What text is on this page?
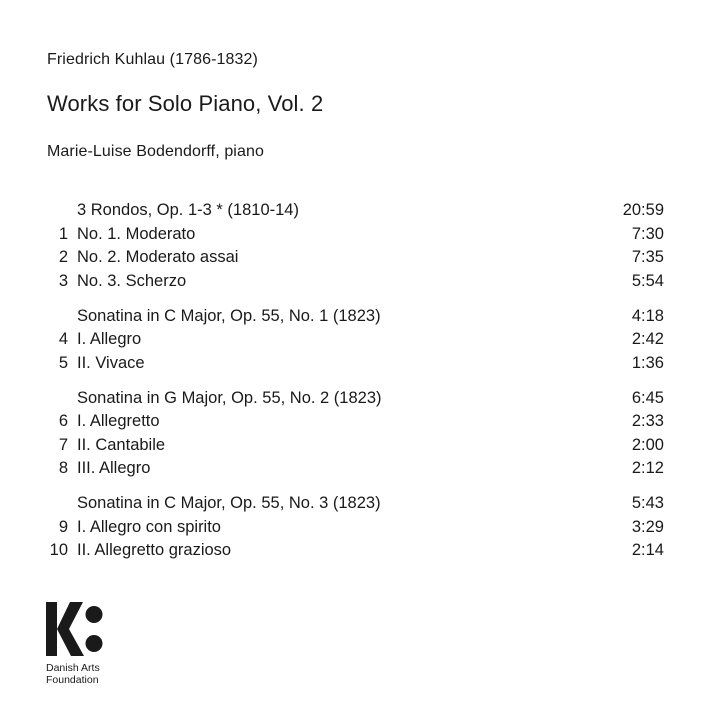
Friedrich Kuhlau (1786-1832)
Works for Solo Piano, Vol. 2
Marie-Luise Bodendorff, piano
3 Rondos, Op. 1-3 * (1810-14)	20:59
1 No. 1. Moderato	7:30
2 No. 2. Moderato assai	7:35
3 No. 3. Scherzo	5:54
Sonatina in C Major, Op. 55, No. 1 (1823)	4:18
4 I. Allegro	2:42
5 II. Vivace	1:36
Sonatina in G Major, Op. 55, No. 2 (1823)	6:45
6 I. Allegretto	2:33
7 II. Cantabile	2:00
8 III. Allegro	2:12
Sonatina in C Major, Op. 55, No. 3 (1823)	5:43
9 I. Allegro con spirito	3:29
10 II. Allegretto grazioso	2:14
Danish Arts
Foundation
